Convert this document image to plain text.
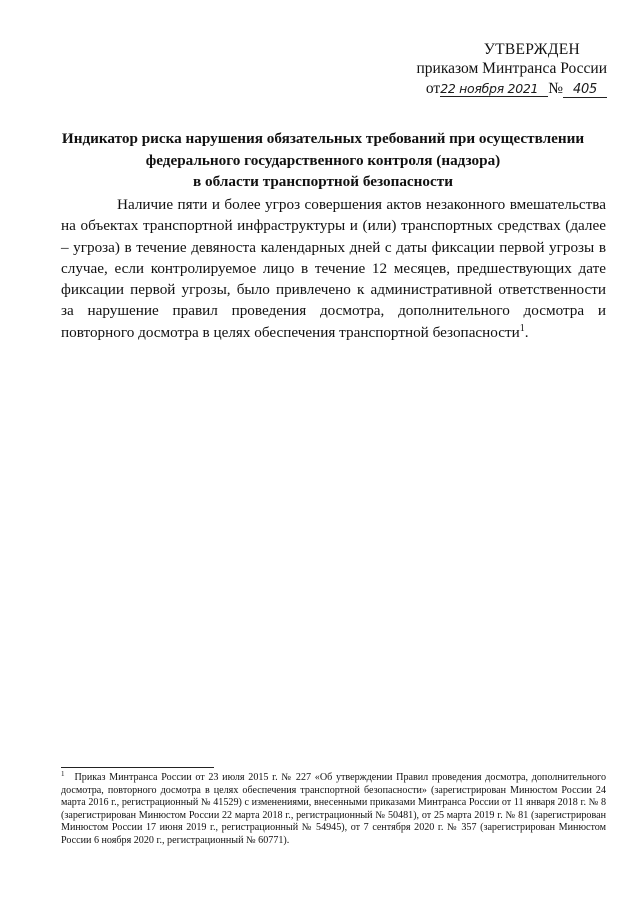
УТВЕРЖДЕН
приказом Минтранса России
от22 ноября 2021 № 405
Индикатор риска нарушения обязательных требований при осуществлении
федерального государственного контроля (надзора)
в области транспортной безопасности
Наличие пяти и более угроз совершения актов незаконного вмешательства на объектах транспортной инфраструктуры и (или) транспортных средствах (далее – угроза) в течение девяноста календарных дней с даты фиксации первой угрозы в случае, если контролируемое лицо в течение 12 месяцев, предшествующих дате фиксации первой угрозы, было привлечено к административной ответственности за нарушение правил проведения досмотра, дополнительного досмотра и повторного досмотра в целях обеспечения транспортной безопасности$^1$.
$^1$ Приказ Минтранса России от 23 июля 2015 г. № 227 «Об утверждении Правил проведения досмотра, дополнительного досмотра, повторного досмотра в целях обеспечения транспортной безопасности» (зарегистрирован Минюстом России 24 марта 2016 г., регистрационный № 41529) с изменениями, внесенными приказами Минтранса России от 11 января 2018 г. № 8 (зарегистрирован Минюстом России 22 марта 2018 г., регистрационный № 50481), от 25 марта 2019 г. № 81 (зарегистрирован Минюстом России 17 июня 2019 г., регистрационный № 54945), от 7 сентября 2020 г. № 357 (зарегистрирован Минюстом России 6 ноября 2020 г., регистрационный № 60771).
